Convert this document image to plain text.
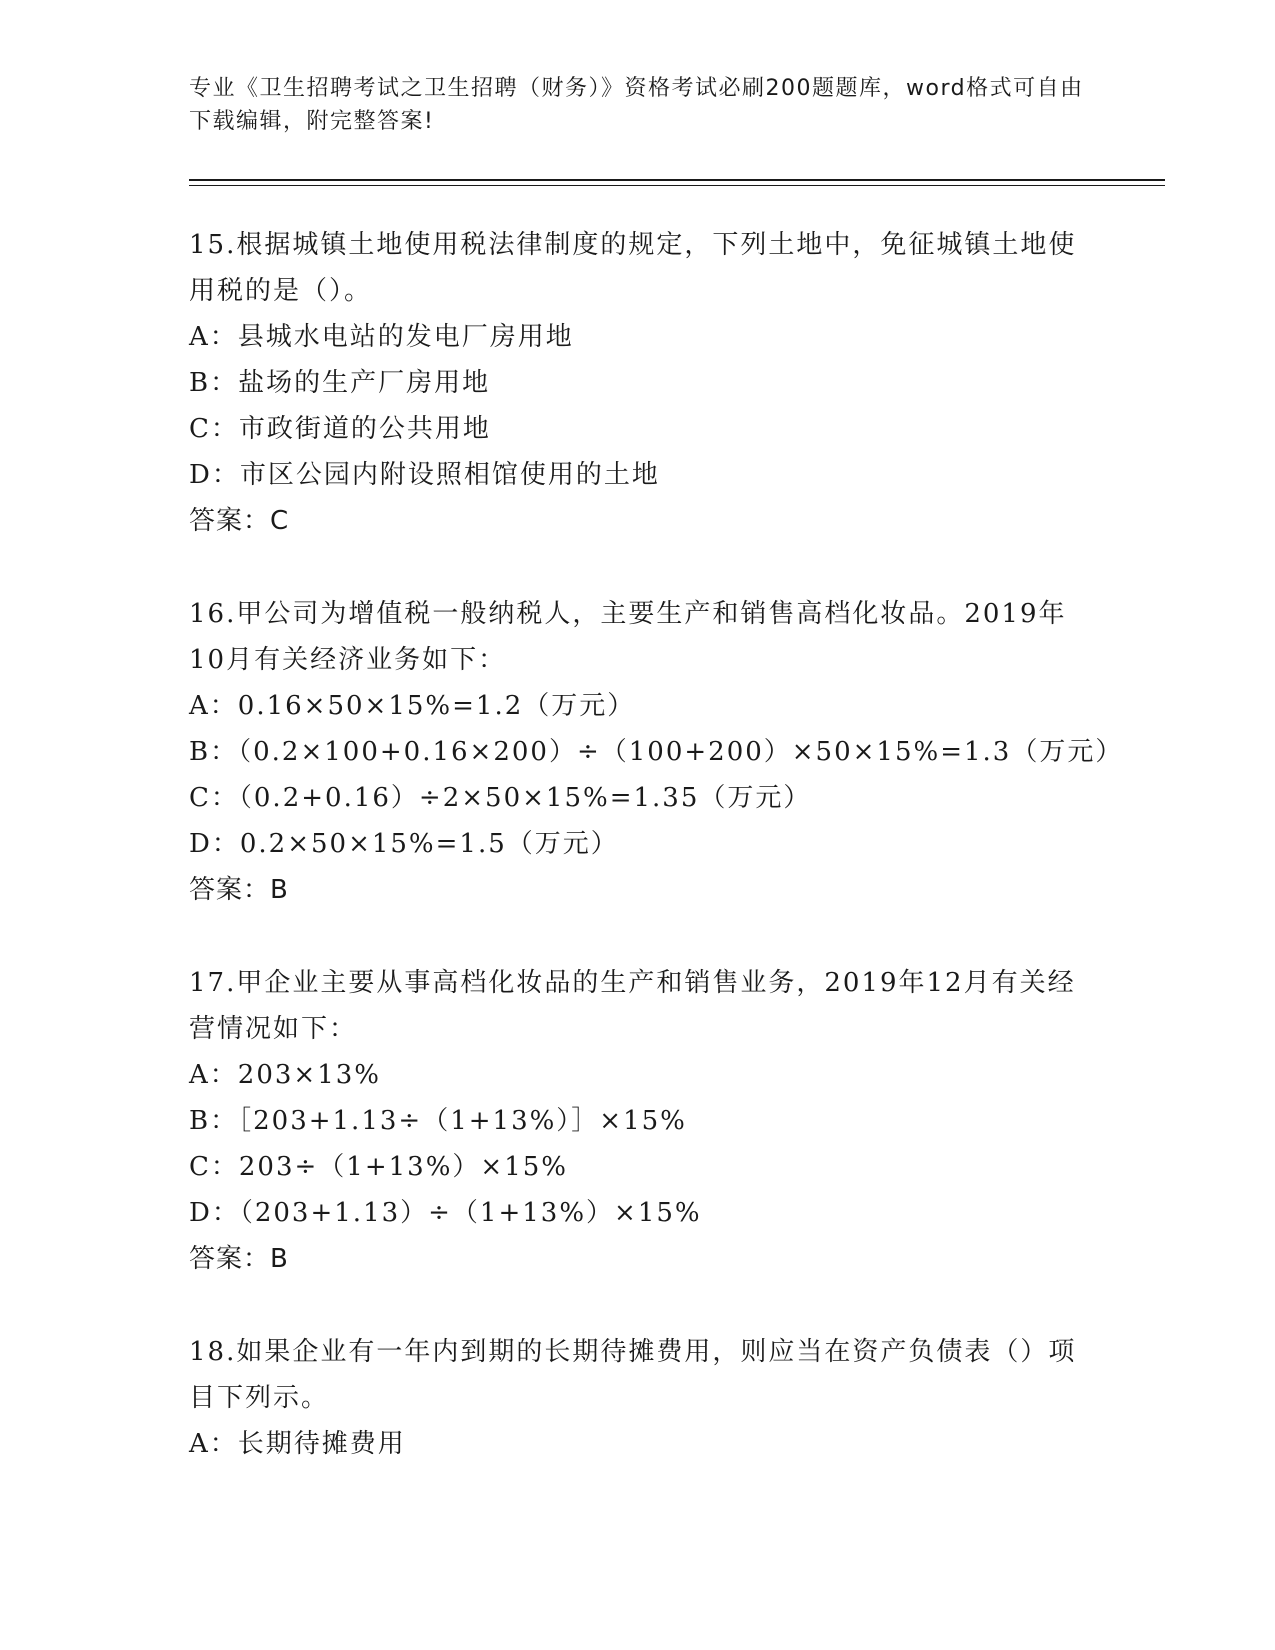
专业《卫生招聘考试之卫生招聘（财务）》资格考试必刷200题题库，word格式可自由下载编辑，附完整答案!

15.根据城镇土地使用税法律制度的规定，下列土地中，免征城镇土地使用税的是（）。

A：县城水电站的发电厂房用地

B：盐场的生产厂房用地

C：市政街道的公共用地

D：市区公园内附设照相馆使用的土地

答案：C

16.甲公司为增值税一般纳税人，主要生产和销售高档化妆品。2019年10月有关经济业务如下：

A：0.16×50×15%=1.2（万元）

B：（0.2×100+0.16×200）÷（100+200）×50×15%=1.3（万元）

C：（0.2+0.16）÷2×50×15%=1.35（万元）

D：0.2×50×15%=1.5（万元）

答案：B

17.甲企业主要从事高档化妆品的生产和销售业务，2019年12月有关经营情况如下：

A：203×13%

B：［203+1.13÷（1+13%）］×15%

C：203÷（1+13%）×15%

D：（203+1.13）÷（1+13%）×15%

答案：B

18.如果企业有一年内到期的长期待摊费用，则应当在资产负债表（）项目下列示。

A：长期待摊费用
